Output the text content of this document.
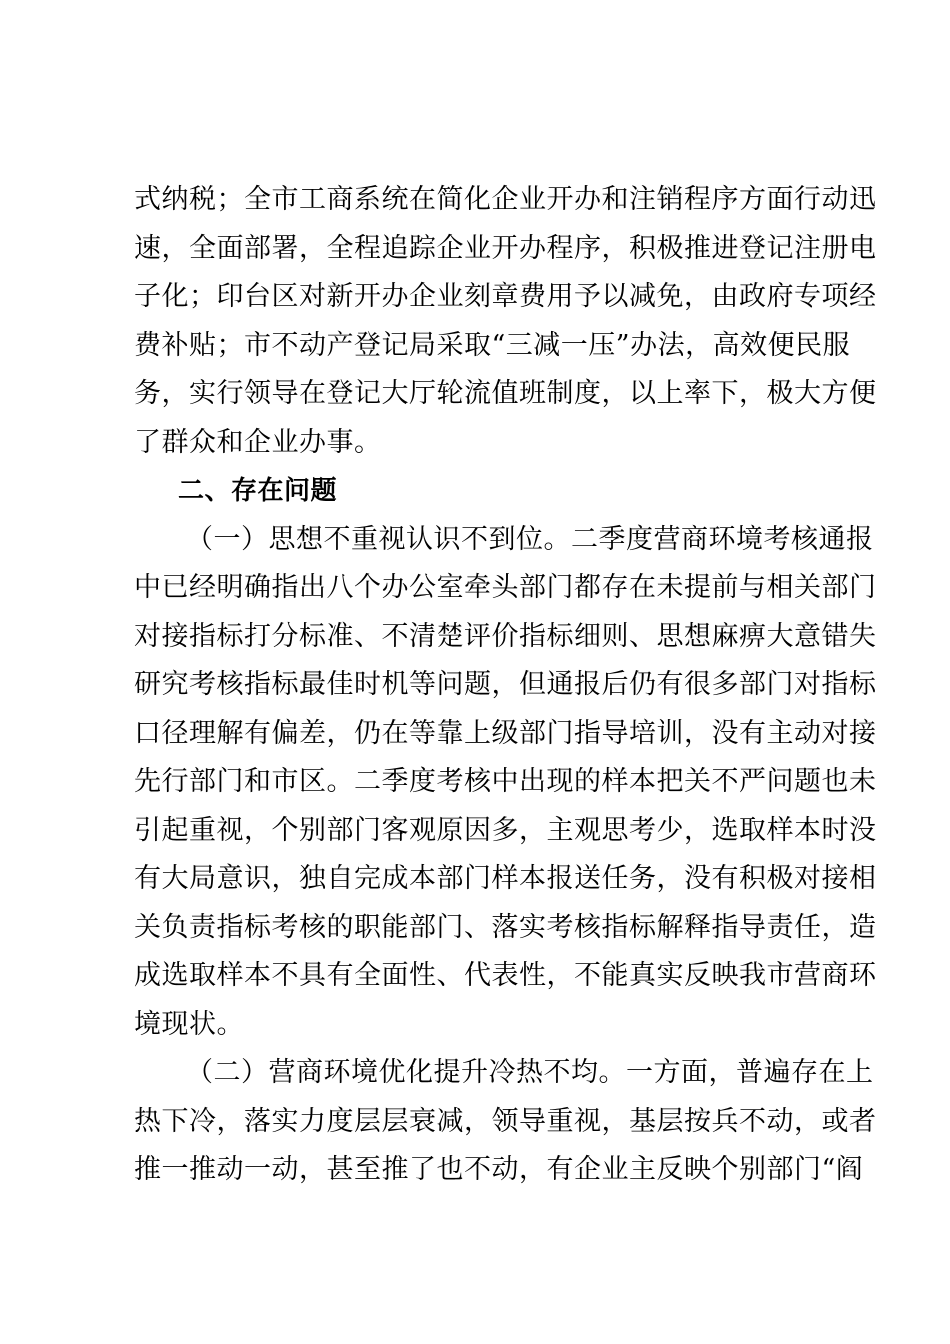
式纳税；全市工商系统在简化企业开办和注销程序方面行动迅
速，全面部署，全程追踪企业开办程序，积极推进登记注册电
子化；印台区对新开办企业刻章费用予以减免，由政府专项经
费补贴；市不动产登记局采取“三减一压”办法，高效便民服
务，实行领导在登记大厅轮流值班制度，以上率下，极大方便
了群众和企业办事。
二、存在问题
（一）思想不重视认识不到位。二季度营商环境考核通报
中已经明确指出八个办公室牵头部门都存在未提前与相关部门
对接指标打分标准、不清楚评价指标细则、思想麻痹大意错失
研究考核指标最佳时机等问题，但通报后仍有很多部门对指标
口径理解有偏差，仍在等靠上级部门指导培训，没有主动对接
先行部门和市区。二季度考核中出现的样本把关不严问题也未
引起重视，个别部门客观原因多，主观思考少，选取样本时没
有大局意识，独自完成本部门样本报送任务，没有积极对接相
关负责指标考核的职能部门、落实考核指标解释指导责任，造
成选取样本不具有全面性、代表性，不能真实反映我市营商环
境现状。
（二）营商环境优化提升冷热不均。一方面，普遍存在上
热下冷，落实力度层层衰减，领导重视，基层按兵不动，或者
推一推动一动，甚至推了也不动，有企业主反映个别部门“阎
